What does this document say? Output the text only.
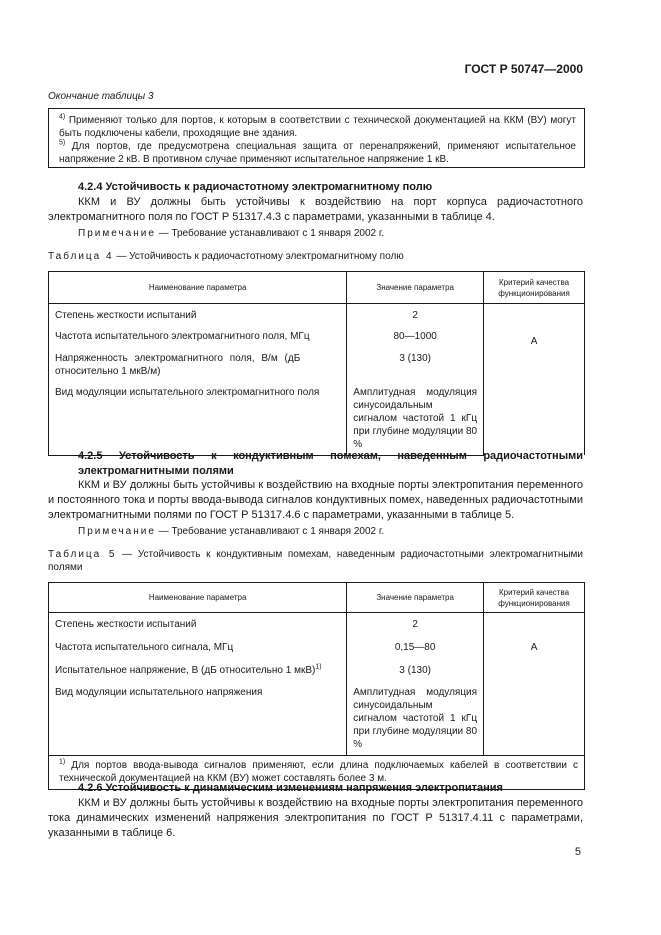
ГОСТ Р 50747—2000
Окончание таблицы 3
$^{4)}$ Применяют только для портов, к которым в соответствии с технической документацией на ККМ (ВУ) могут быть подключены кабели, проходящие вне здания.
$^{5)}$ Для портов, где предусмотрена специальная защита от перенапряжений, применяют испытательное напряжение 2 кВ. В противном случае применяют испытательное напряжение 1 кВ.
4.2.4 Устойчивость к радиочастотному электромагнитному полю
ККМ и ВУ должны быть устойчивы к воздействию на порт корпуса радиочастотного электромагнитного поля по ГОСТ Р 51317.4.3 с параметрами, указанными в таблице 4.
Примечание — Требование устанавливают с 1 января 2002 г.
Таблица 4 — Устойчивость к радиочастотному электромагнитному полю
Наименование параметра	Значение параметра	Критерий качества функционирования
Степень жесткости испытаний	2	А
Частота испытательного электромагнитного поля, МГц	80—1000	
Напряженность электромагнитного поля, В/м (дБ относительно 1 мкВ/м)	3 (130)	
Вид модуляции испытательного электромагнитного поля	Амплитудная модуляция синусоидальным сигналом частотой 1 кГц при глубине модуляции 80 %	
4.2.5 Устойчивость к кондуктивным помехам, наведенным радиочастотными электромагнитными полями
ККМ и ВУ должны быть устойчивы к воздействию на входные порты электропитания переменного и постоянного тока и порты ввода-вывода сигналов кондуктивных помех, наведенных радиочастотными электромагнитными полями по ГОСТ Р 51317.4.6 с параметрами, указанными в таблице 5.
Примечание — Требование устанавливают с 1 января 2002 г.
Таблица 5 — Устойчивость к кондуктивным помехам, наведенным радиочастотными электромагнитными полями
Наименование параметра	Значение параметра	Критерий качества функционирования
Степень жесткости испытаний	2	А
Частота испытательного сигнала, МГц	0,15—80	
Испытательное напряжение, В (дБ относительно 1 мкВ)$^{1)}$	3 (130)	
Вид модуляции испытательного напряжения	Амплитудная модуляция синусоидальным сигналом частотой 1 кГц при глубине модуляции 80 %	
$^{1)}$ Для портов ввода-вывода сигналов применяют, если длина подключаемых кабелей в соответствии с технической документацией на ККМ (ВУ) может составлять более 3 м.		
4.2.6 Устойчивость к динамическим изменениям напряжения электропитания
ККМ и ВУ должны быть устойчивы к воздействию на входные порты электропитания переменного тока динамических изменений напряжения электропитания по ГОСТ Р 51317.4.11 с параметрами, указанными в таблице 6.
5
